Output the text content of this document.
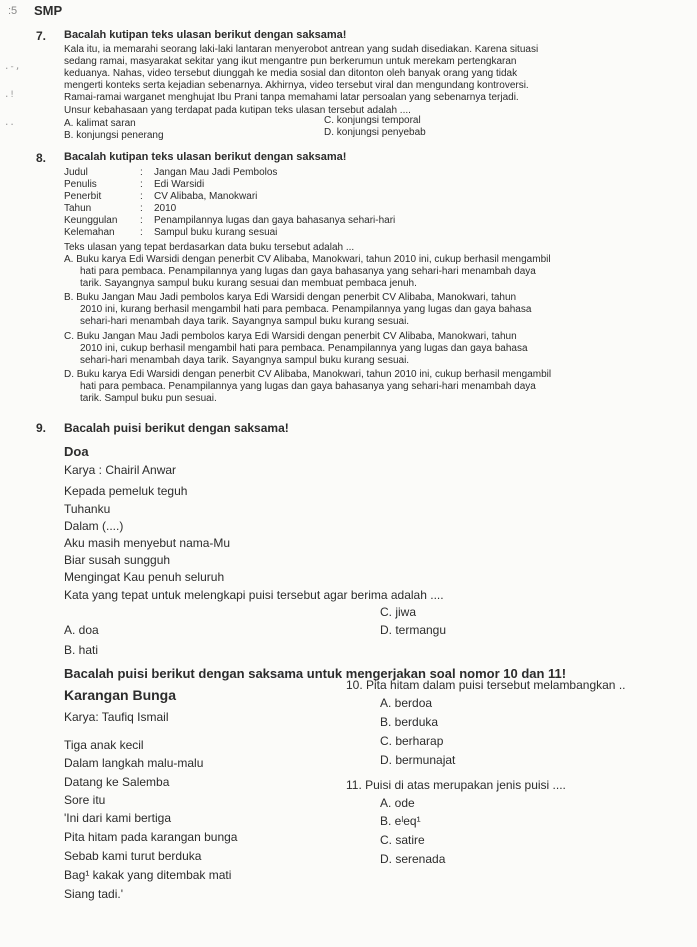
.-,
.!
..
:5 SMP
7. Bacalah kutipan teks ulasan berikut dengan saksama!
Kala itu, ia memarahi seorang laki-laki lantaran menyerobot antrean yang sudah disediakan. Karena situasi
sedang ramai, masyarakat sekitar yang ikut mengantre pun berkerumun untuk merekam pertengkaran
keduanya. Nahas, video tersebut diunggah ke media sosial dan ditonton oleh banyak orang yang tidak
mengerti konteks serta kejadian sebenarnya. Akhirnya, video tersebut viral dan mengundang kontroversi.
Ramai-ramai warganet menghujat Ibu Prani tanpa memahami latar persoalan yang sebenarnya terjadi.
Unsur kebahasaan yang terdapat pada kutipan teks ulasan tersebut adalah ....
A. kalimat saran	C. konjungsi temporal
B. konjungsi penerang	D. konjungsi penyebab
8. Bacalah kutipan teks ulasan berikut dengan saksama!
Judul	: Jangan Mau Jadi Pembolos
Penulis	: Edi Warsidi
Penerbit	: CV Alibaba, Manokwari
Tahun	: 2010
Keunggulan : Penampilannya lugas dan gaya bahasanya sehari-hari
Kelemahan	: Sampul buku kurang sesuai
Teks ulasan yang tepat berdasarkan data buku tersebut adalah ...
A. Buku karya Edi Warsidi dengan penerbit CV Alibaba, Manokwari, tahun 2010 ini, cukup berhasil mengambil
hati para pembaca. Penampilannya yang lugas dan gaya bahasanya yang sehari-hari menambah daya
tarik. Sayangnya sampul buku kurang sesuai dan membuat pembaca jenuh.
B. Buku Jangan Mau Jadi pembolos karya Edi Warsidi dengan penerbit CV Alibaba, Manokwari, tahun
2010 ini, kurang berhasil mengambil hati para pembaca. Penampilannya yang lugas dan gaya bahasa
sehari-hari menambah daya tarik. Sayangnya sampul buku kurang sesuai.
C. Buku Jangan Mau Jadi pembolos karya Edi Warsidi dengan penerbit CV Alibaba, Manokwari, tahun
2010 ini, cukup berhasil mengambil hati para pembaca. Penampilannya yang lugas dan gaya bahasa
sehari-hari menambah daya tarik. Sayangnya sampul buku kurang sesuai.
D. Buku karya Edi Warsidi dengan penerbit CV Alibaba, Manokwari, tahun 2010 ini, cukup berhasil mengambil
hati para pembaca. Penampilannya yang lugas dan gaya bahasanya yang sehari-hari menambah daya
tarik. Sampul buku pun sesuai.
9. Bacalah puisi berikut dengan saksama!
Doa
Karya : Chairil Anwar
Kepada pemeluk teguh
Tuhanku
Dalam (....)
Aku masih menyebut nama-Mu
Biar susah sungguh
Mengingat Kau penuh seluruh
Kata yang tepat untuk melengkapi puisi tersebut agar berima adalah ....
C. jiwa
A. doa	D. termangu
B. hati
Bacalah puisi berikut dengan saksama untuk mengerjakan soal nomor 10 dan 11!
Karangan Bunga
Karya: Taufiq Ismail
Tiga anak kecil
Dalam langkah malu-malu
Datang ke Salemba
Sore itu
'Ini dari kami bertiga
Pita hitam pada karangan bunga
Sebab kami turut berduka
Bag¹ kakak yang ditembak mati
Siang tadi.'
10. Pita hitam dalam puisi tersebut melambangkan ..
A. berdoa
B. berduka
C. berharap
D. bermunajat
11. Puisi di atas merupakan jenis puisi ....
A. ode
B. eˡeq¹
C. satire
D. serenada
